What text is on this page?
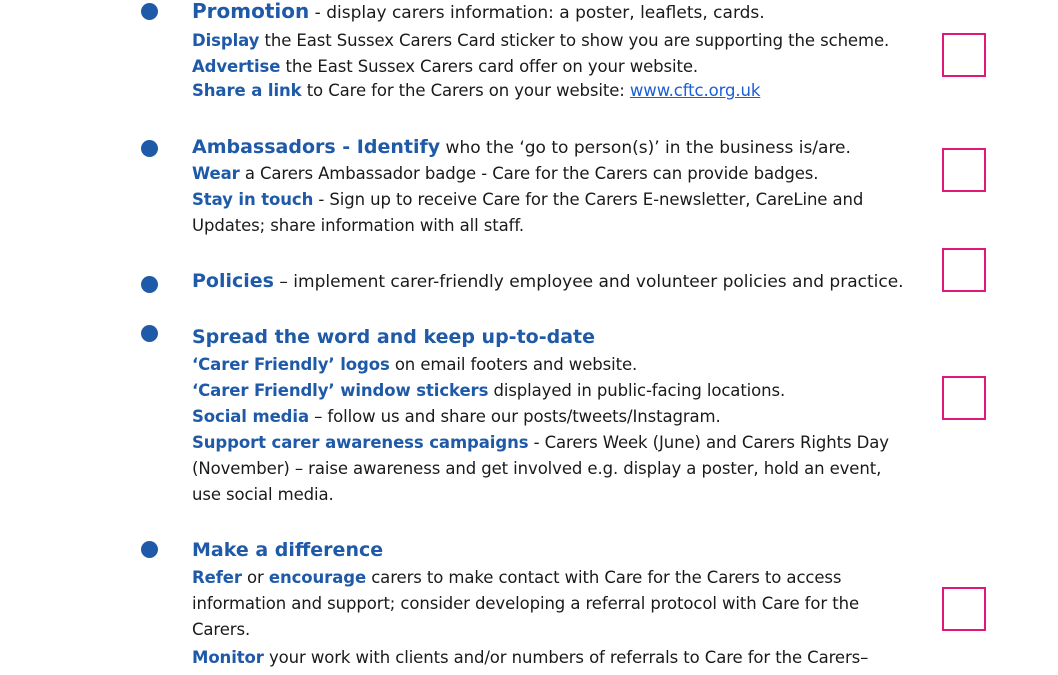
Promotion - display carers information: a poster, leaflets, cards.
Display the East Sussex Carers Card sticker to show you are supporting the scheme.
Advertise the East Sussex Carers card offer on your website.
Share a link to Care for the Carers on your website: www.cftc.org.uk
Ambassadors - Identify who the ‘go to person(s)’ in the business is/are.
Wear a Carers Ambassador badge - Care for the Carers can provide badges.
Stay in touch - Sign up to receive Care for the Carers E-newsletter, CareLine and
Updates; share information with all staff.
Policies – implement carer-friendly employee and volunteer policies and practice.
Spread the word and keep up-to-date
‘Carer Friendly’ logos on email footers and website.
‘Carer Friendly’ window stickers displayed in public-facing locations.
Social media – follow us and share our posts/tweets/Instagram.
Support carer awareness campaigns - Carers Week (June) and Carers Rights Day
(November) – raise awareness and get involved e.g. display a poster, hold an event,
use social media.
Make a difference
Refer or encourage carers to make contact with Care for the Carers to access
information and support; consider developing a referral protocol with Care for the
Carers.
Monitor your work with clients and/or numbers of referrals to Care for the Carers–
